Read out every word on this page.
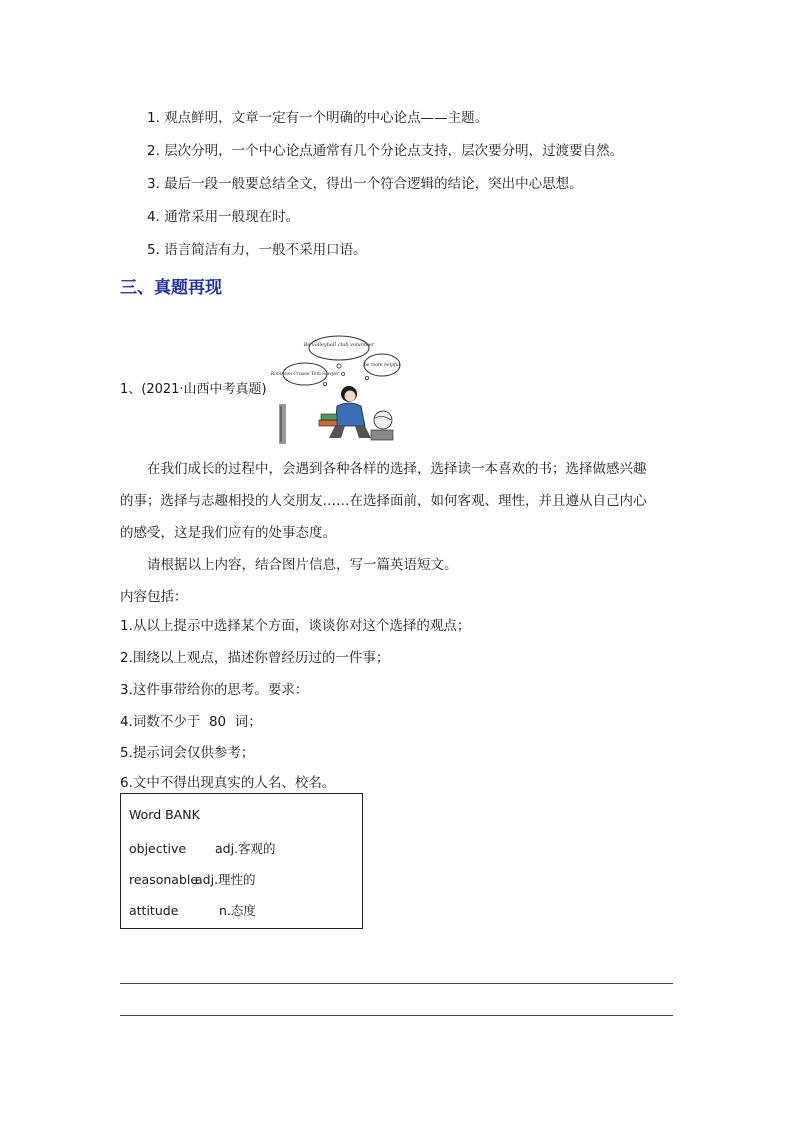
1. 观点鲜明，文章一定有一个明确的中心论点——主题。
2. 层次分明，一个中心论点通常有几个分论点支持，层次要分明，过渡要自然。
3. 最后一段一般要总结全文，得出一个符合逻辑的结论，突出中心思想。
4. 通常采用一般现在时。
5. 语言简洁有力，一般不采用口语。
三、真题再现
1、(2021·山西中考真题)
Be volleyball club volunteer
Robinson Crusoe Tom Sawyer
be more helpful
在我们成长的过程中，会遇到各种各样的选择，选择读一本喜欢的书；选择做感兴趣
的事；选择与志趣相投的人交朋友……在选择面前，如何客观、理性，并且遵从自己内心
的感受，这是我们应有的处事态度。
请根据以上内容，结合图片信息，写一篇英语短文。
内容包括：
1.从以上提示中选择某个方面，谈谈你对这个选择的观点；
2.围绕以上观点，描述你曾经历过的一件事；
3.这件事带给你的思考。要求：
4.词数不少于  80  词；
5.提示词会仅供参考；
6.文中不得出现真实的人名、校名。
Word BANK
objective adj.客观的
reasonableadj.理性的
attitude	n.态度
